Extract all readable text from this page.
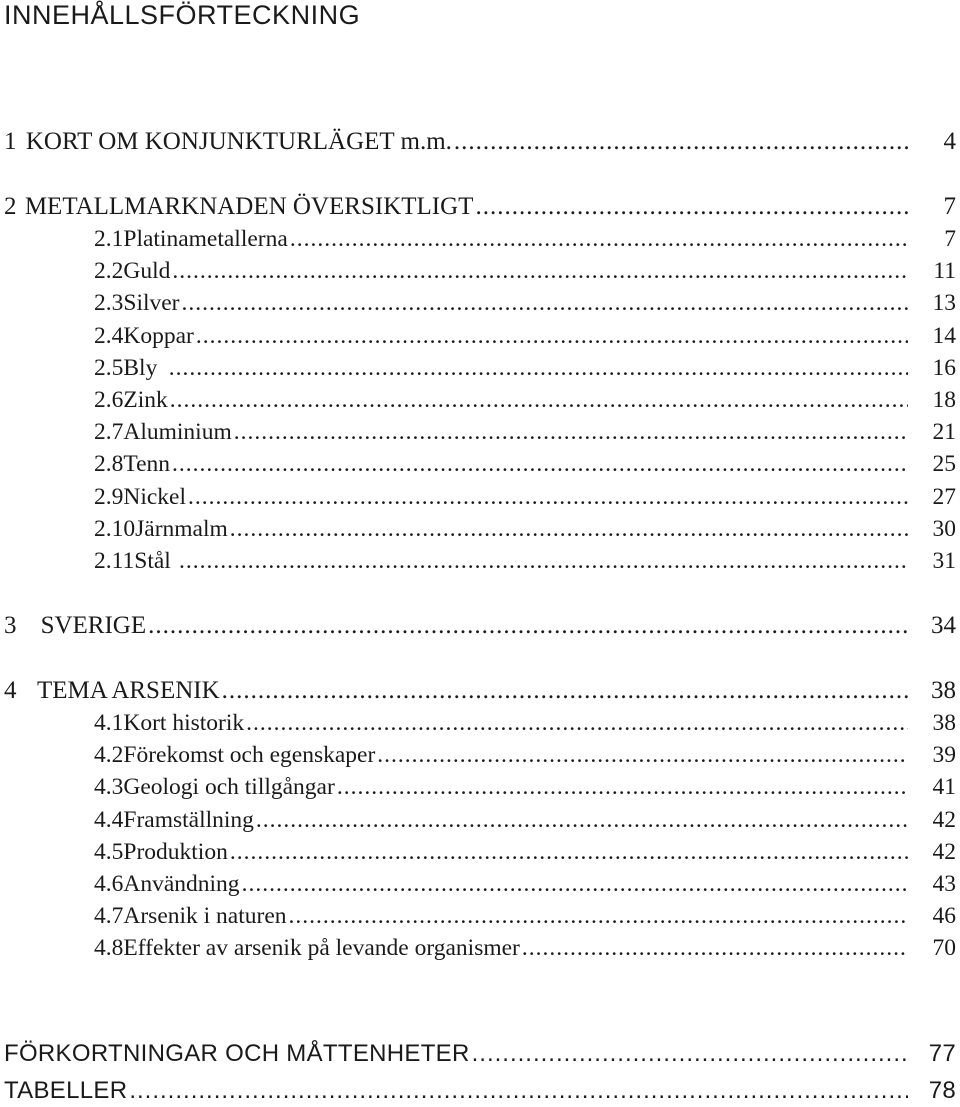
INNEHÅLLSFÖRTECKNING
1 KORT OM KONJUNKTURLÄGET m.m. .....	4
2 METALLMARKNADEN ÖVERSIKTLIGT .....	7
2.1 Platinametallerna .....	7
2.2 Guld .....	11
2.3 Silver .....	13
2.4 Koppar .....	14
2.5 Bly .....	16
2.6 Zink .....	18
2.7 Aluminium .....	21
2.8 Tenn .....	25
2.9 Nickel .....	27
2.10 Järnmalm .....	30
2.11 Stål .....	31
3 SVERIGE .....	34
4 TEMA ARSENIK .....	38
4.1 Kort historik .....	38
4.2 Förekomst och egenskaper .....	39
4.3 Geologi och tillgångar .....	41
4.4 Framställning .....	42
4.5 Produktion .....	42
4.6 Användning .....	43
4.7 Arsenik i naturen .....	46
4.8 Effekter av arsenik på levande organismer .....	70
FÖRKORTNINGAR OCH MÅTTENHETER .....	77
TABELLER .....	78
